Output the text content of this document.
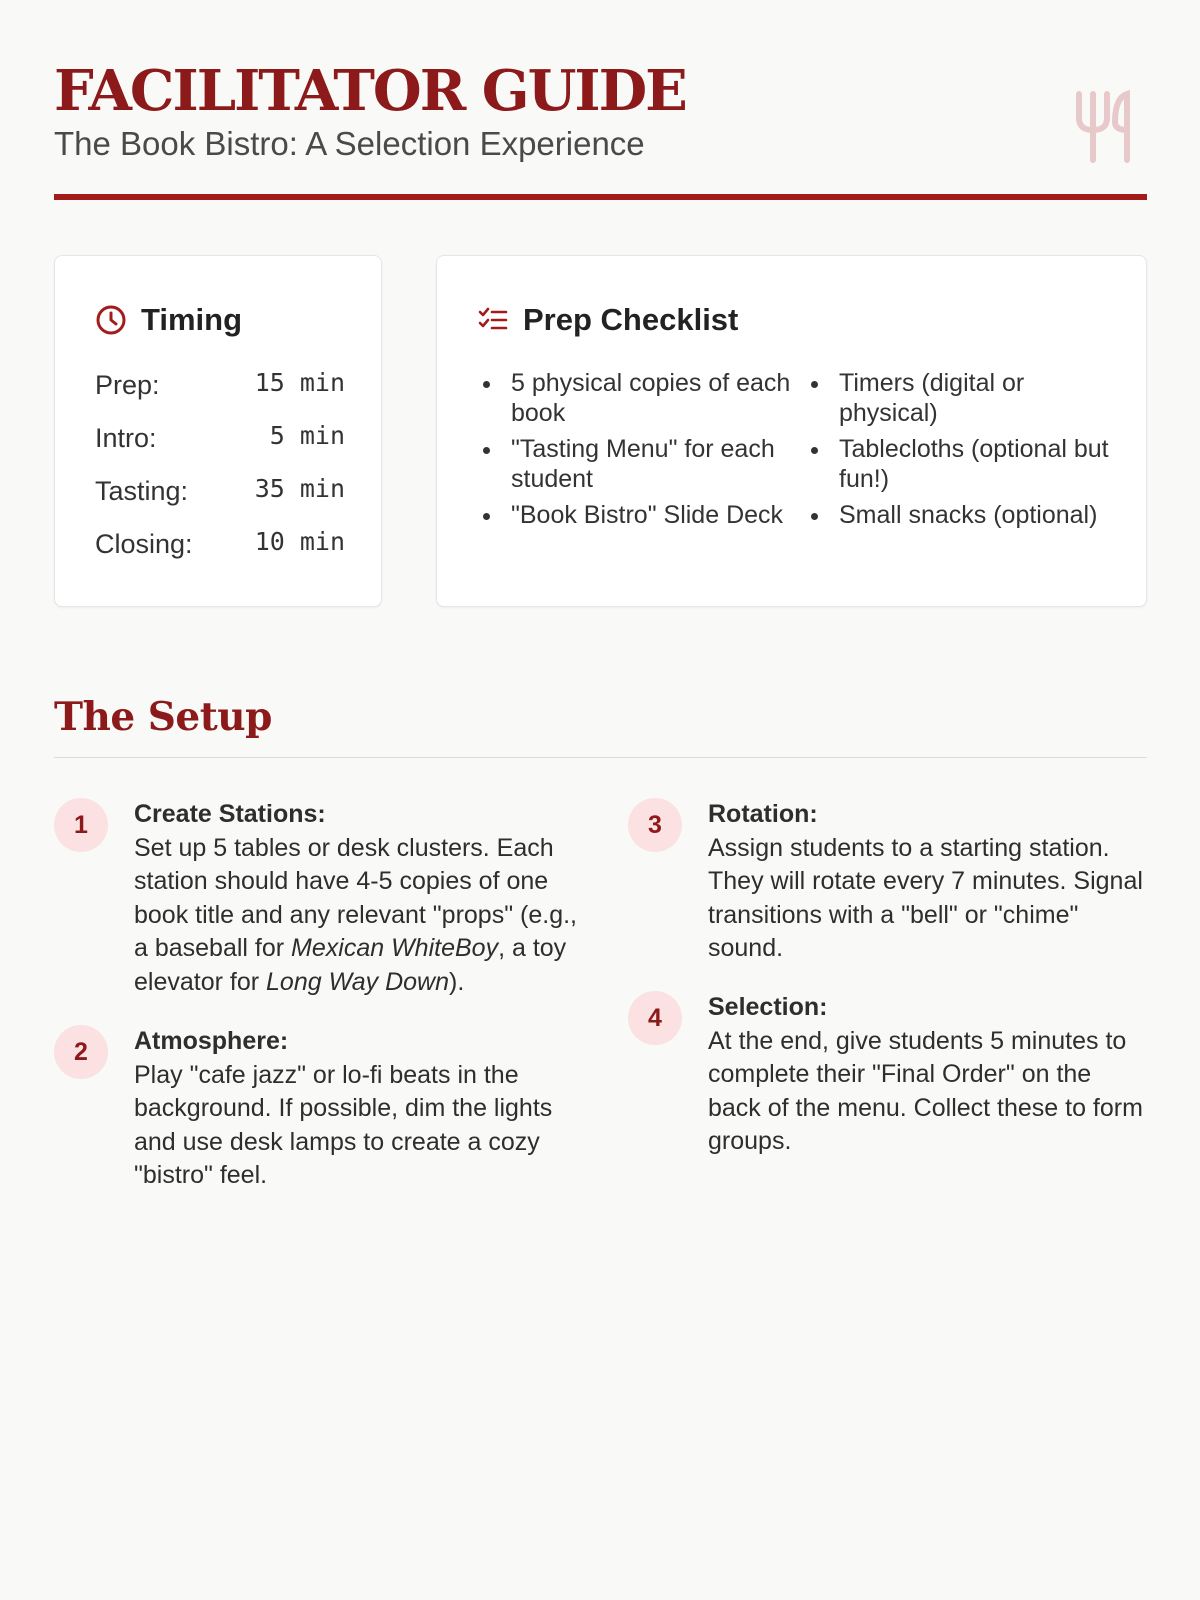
FACILITATOR GUIDE
The Book Bistro: A Selection Experience
Timing
Prep:	15 min
Intro:	5 min
Tasting:	35 min
Closing: 10 min
Prep Checklist
5 physical copies of each book
"Tasting Menu" for each student
"Book Bistro" Slide Deck
Timers (digital or physical)
Tablecloths (optional but fun!)
Small snacks (optional)
The Setup
1	Create Stations:
Set up 5 tables or desk clusters. Each station should have 4-5 copies of one book title and any relevant "props" (e.g., a baseball for Mexican WhiteBoy, a toy elevator for Long Way Down).
2	Atmosphere:
Play "cafe jazz" or lo-fi beats in the background. If possible, dim the lights and use desk lamps to create a cozy "bistro" feel.
3	Rotation:
Assign students to a starting station. They will rotate every 7 minutes. Signal transitions with a "bell" or "chime" sound.
4	Selection:
At the end, give students 5 minutes to complete their "Final Order" on the back of the menu. Collect these to form groups.
